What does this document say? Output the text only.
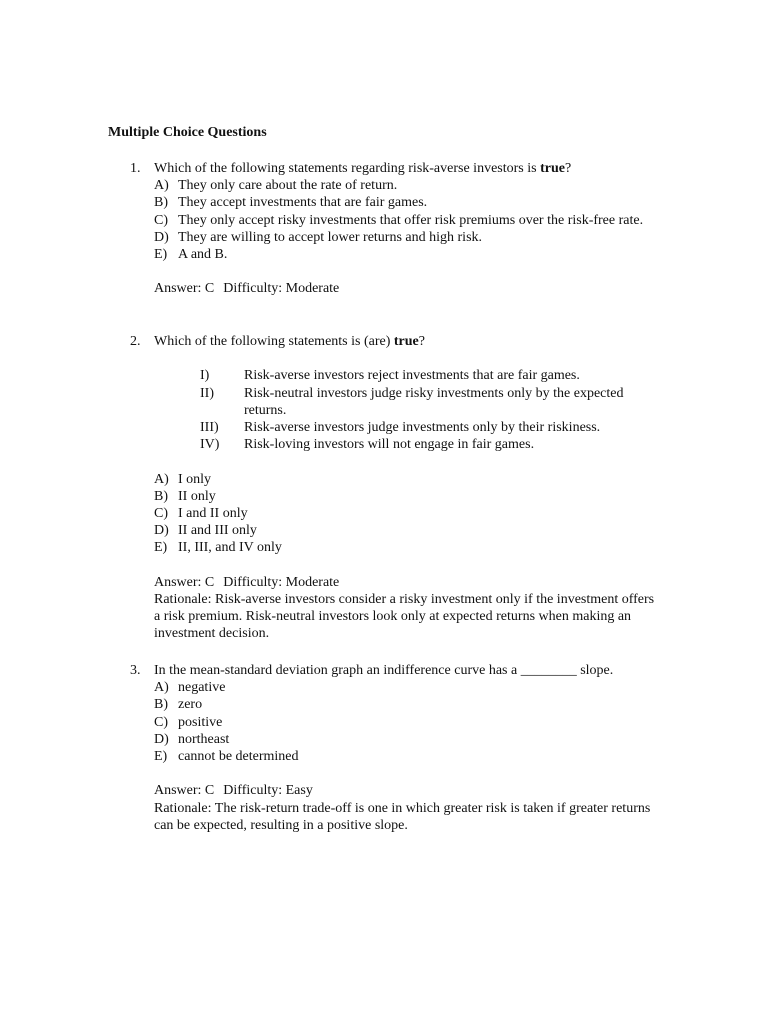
Multiple Choice Questions
1. Which of the following statements regarding risk-averse investors is true?
A) They only care about the rate of return.
B) They accept investments that are fair games.
C) They only accept risky investments that offer risk premiums over the risk-free rate.
D) They are willing to accept lower returns and high risk.
E) A and B.
Answer: C Difficulty: Moderate
2. Which of the following statements is (are) true?
I)	Risk-averse investors reject investments that are fair games.
II)	Risk-neutral investors judge risky investments only by the expected returns.
III)	Risk-averse investors judge investments only by their riskiness.
IV)	Risk-loving investors will not engage in fair games.
A) I only
B) II only
C) I and II only
D) II and III only
E) II, III, and IV only
Answer: C Difficulty: Moderate
Rationale: Risk-averse investors consider a risky investment only if the investment offers a risk premium. Risk-neutral investors look only at expected returns when making an investment decision.
3. In the mean-standard deviation graph an indifference curve has a ________ slope.
A) negative
B) zero
C) positive
D) northeast
E) cannot be determined
Answer: C Difficulty: Easy
Rationale: The risk-return trade-off is one in which greater risk is taken if greater returns can be expected, resulting in a positive slope.
